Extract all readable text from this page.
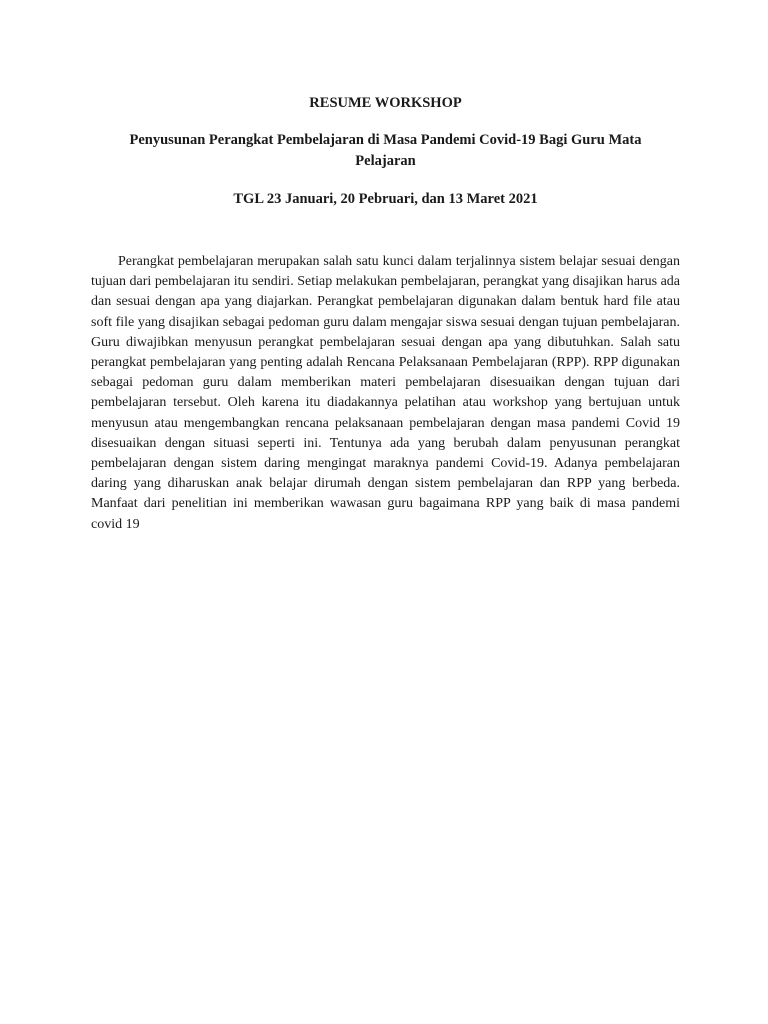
RESUME WORKSHOP
Penyusunan Perangkat Pembelajaran di Masa Pandemi Covid-19 Bagi Guru Mata Pelajaran
TGL 23 Januari, 20 Pebruari, dan 13 Maret 2021

Perangkat pembelajaran merupakan salah satu kunci dalam terjalinnya sistem belajar sesuai dengan tujuan dari pembelajaran itu sendiri. Setiap melakukan pembelajaran, perangkat yang disajikan harus ada dan sesuai dengan apa yang diajarkan. Perangkat pembelajaran digunakan dalam bentuk hard file atau soft file yang disajikan sebagai pedoman guru dalam mengajar siswa sesuai dengan tujuan pembelajaran. Guru diwajibkan menyusun perangkat pembelajaran sesuai dengan apa yang dibutuhkan. Salah satu perangkat pembelajaran yang penting adalah Rencana Pelaksanaan Pembelajaran (RPP). RPP digunakan sebagai pedoman guru dalam memberikan materi pembelajaran disesuaikan dengan tujuan dari pembelajaran tersebut. Oleh karena itu diadakannya pelatihan atau workshop yang bertujuan untuk menyusun atau mengembangkan rencana pelaksanaan pembelajaran dengan masa pandemi Covid 19 disesuaikan dengan situasi seperti ini. Tentunya ada yang berubah dalam penyusunan perangkat pembelajaran dengan sistem daring mengingat maraknya pandemi Covid-19. Adanya pembelajaran daring yang diharuskan anak belajar dirumah dengan sistem pembelajaran dan RPP yang berbeda. Manfaat dari penelitian ini memberikan wawasan guru bagaimana RPP yang baik di masa pandemi covid 19
